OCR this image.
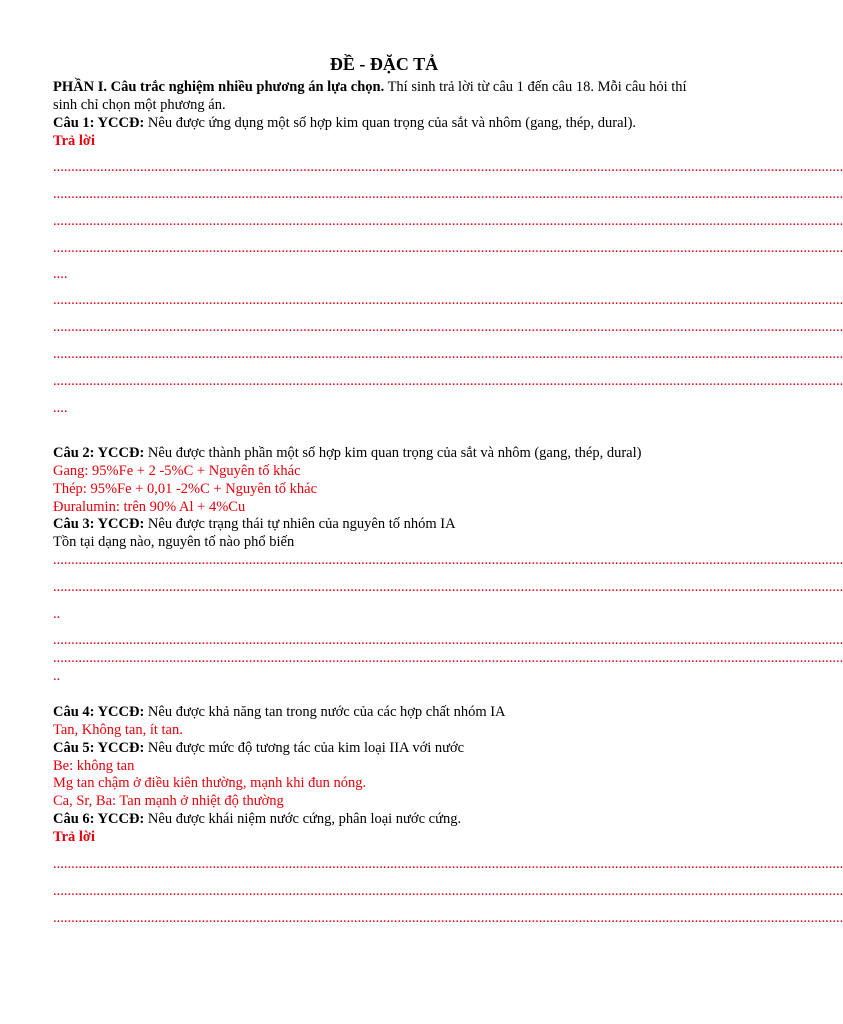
ĐỀ - ĐẶC TẢ
PHẦN I. Câu trắc nghiệm nhiều phương án lựa chọn. Thí sinh trả lời từ câu 1 đến câu 18. Mỗi câu hỏi thí
sinh chỉ chọn một phương án.
Câu 1: YCCĐ: Nêu được ứng dụng một số hợp kim quan trọng của sắt và nhôm (gang, thép, dural).
Trả lời
..........................................................................................................................................................................................................................
..........................................................................................................................................................................................................................
..........................................................................................................................................................................................................................
..........................................................................................................................................................................................................................
....
..........................................................................................................................................................................................................................
..........................................................................................................................................................................................................................
..........................................................................................................................................................................................................................
..........................................................................................................................................................................................................................
....
Câu 2: YCCĐ: Nêu được thành phần một số hợp kim quan trọng của sắt và nhôm (gang, thép, dural)
Gang: 95%Fe + 2 -5%C + Nguyên tố khác
Thép: 95%Fe + 0,01 -2%C + Nguyên tố khác
Đuralumin: trên 90% Al + 4%Cu
Câu 3: YCCĐ: Nêu được trạng thái tự nhiên của nguyên tố nhóm IA
Tồn tại dạng nào, nguyên tố nào phổ biến
..........................................................................................................................................................................................................................
..........................................................................................................................................................................................................................
..
..........................................................................................................................................................................................................................
..........................................................................................................................................................................................................................
..
Câu 4: YCCĐ: Nêu được khả năng tan trong nước của các hợp chất nhóm IA
Tan, Không tan, ít tan.
Câu 5: YCCĐ: Nêu được mức độ tương tác của kim loại IIA với nước
Be: không tan
Mg tan chậm ở điều kiên thường, mạnh khi đun nóng.
Ca, Sr, Ba: Tan mạnh ở nhiệt độ thường
Câu 6: YCCĐ: Nêu được khái niệm nước cứng, phân loại nước cứng.
Trả lời
..........................................................................................................................................................................................................................
..........................................................................................................................................................................................................................
..........................................................................................................................................................................................................................
